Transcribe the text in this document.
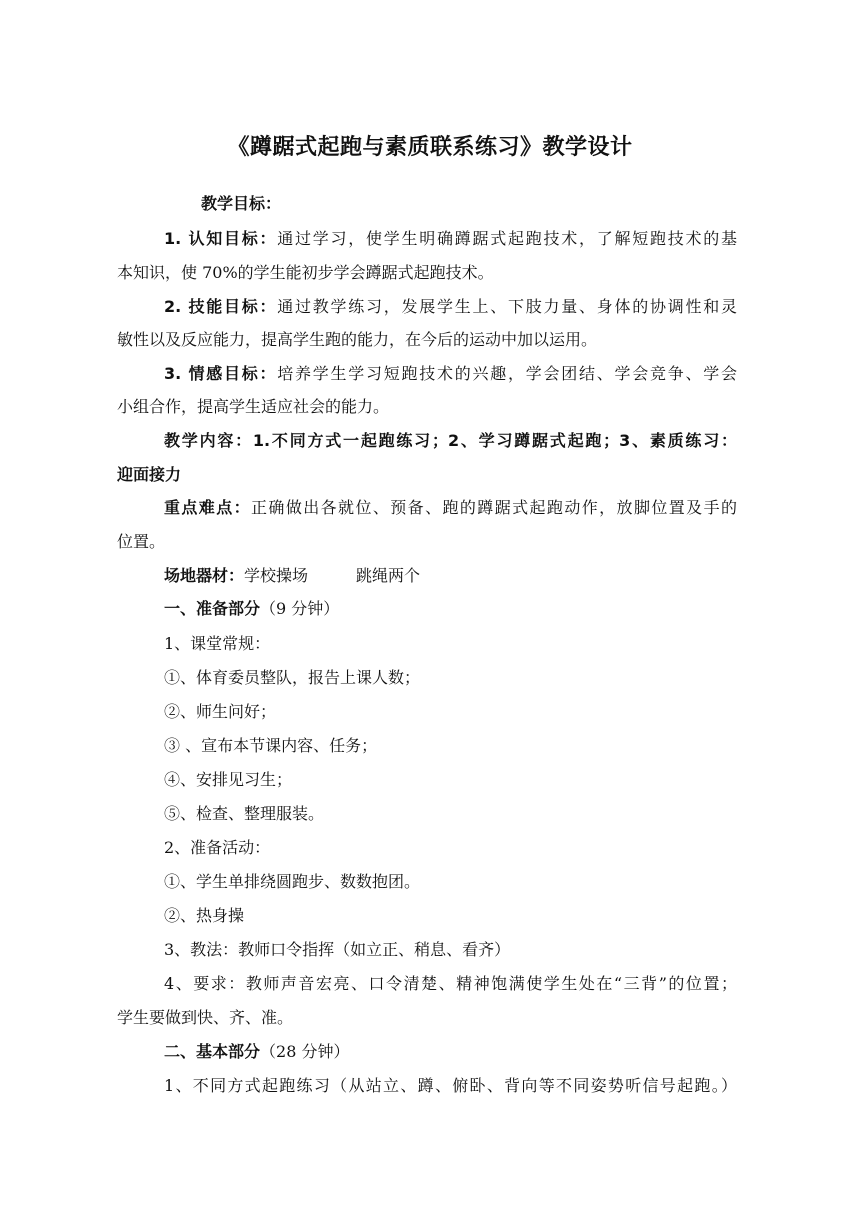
《蹲踞式起跑与素质联系练习》教学设计
教学目标：
1. 认知目标：通过学习，使学生明确蹲踞式起跑技术，了解短跑技术的基
本知识，使 70%的学生能初步学会蹲踞式起跑技术。
2. 技能目标：通过教学练习，发展学生上、下肢力量、身体的协调性和灵
敏性以及反应能力，提高学生跑的能力，在今后的运动中加以运用。
3. 情感目标：培养学生学习短跑技术的兴趣，学会团结、学会竞争、学会
小组合作，提高学生适应社会的能力。
教学内容：1.不同方式一起跑练习；2、学习蹲踞式起跑；3、素质练习：
迎面接力
重点难点：正确做出各就位、预备、跑的蹲踞式起跑动作，放脚位置及手的
位置。
场地器材：学校操场　　　跳绳两个
一、准备部分（9 分钟）
1、课堂常规：
①、体育委员整队，报告上课人数；
②、师生问好；
③ 、宣布本节课内容、任务；
④、安排见习生；
⑤、检查、整理服装。
2、准备活动：
①、学生单排绕圆跑步、数数抱团。
②、热身操
3、教法：教师口令指挥（如立正、稍息、看齐）
4、要求：教师声音宏亮、口令清楚、精神饱满使学生处在“三背”的位置；
学生要做到快、齐、准。
二、基本部分（28 分钟）
1、不同方式起跑练习（从站立、蹲、俯卧、背向等不同姿势听信号起跑。）
